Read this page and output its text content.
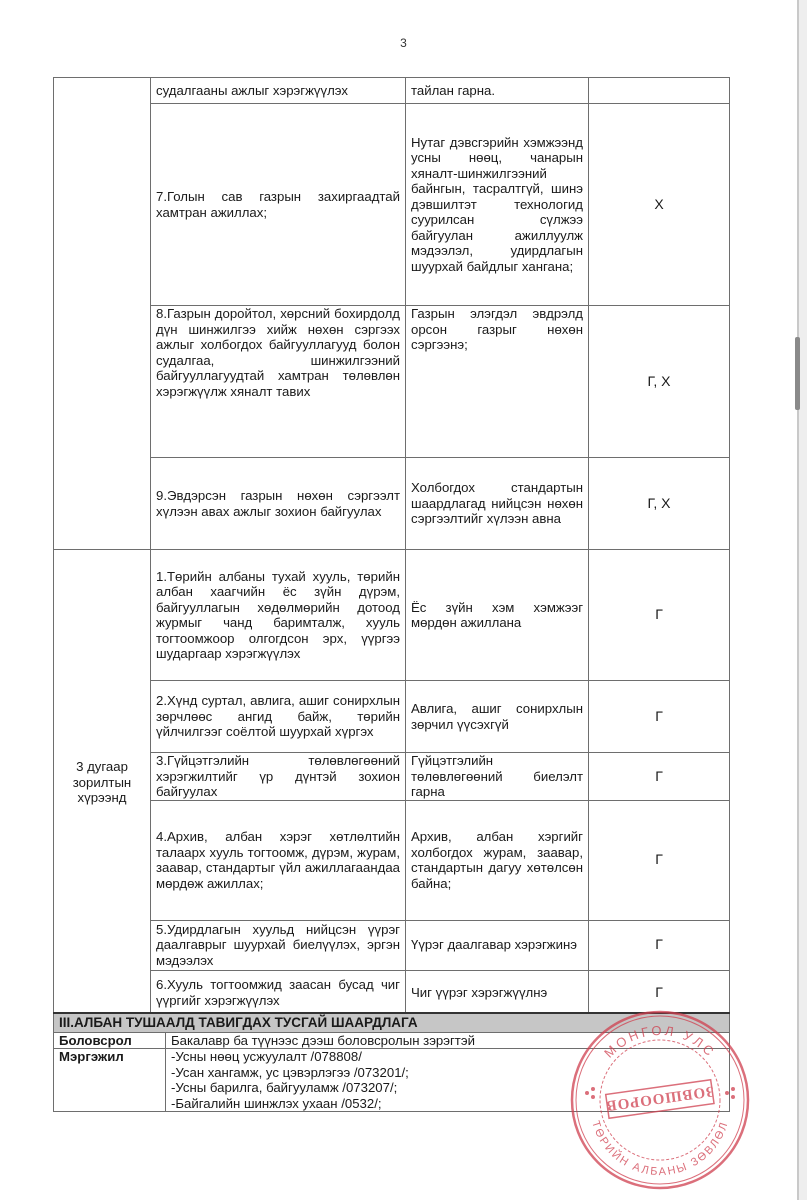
3
	судалгааны ажлыг хэрэгжүүлэх	тайлан гарна.	
	7.Голын сав газрын захиргаадтай хамтран ажиллах;	Нутаг дэвсгэрийн хэмжээнд усны нөөц, чанарын хяналт-шинжилгээний байнгын, тасралтгүй, шинэ дэвшилтэт технологид суурилсан сүлжээ байгуулан ажиллуулж мэдээлэл, удирдлагын шуурхай байдлыг хангана;	Х
	8.Газрын доройтол, хөрсний бохирдолд дүн шинжилгээ хийж нөхөн сэргээх ажлыг холбогдох байгууллагууд болон судалгаа, шинжилгээний байгууллагуудтай хамтран төлөвлөн хэрэгжүүлж хяналт тавих	Газрын элэгдэл эвдрэлд орсон газрыг нөхөн сэргээнэ;	Г, Х
	9.Эвдэрсэн газрын нөхөн сэргээлт хүлээн авах ажлыг зохион байгуулах	Холбогдох стандартын шаардлагад нийцсэн нөхөн сэргээлтийг хүлээн авна	Г, Х
3 дугаар зорилтын хүрээнд	1.Төрийн албаны тухай хууль, төрийн албан хаагчийн ёс зүйн дүрэм, байгууллагын хөдөлмөрийн дотоод журмыг чанд баримталж, хууль тогтоомжоор олгогдсон эрх, үүргээ шударгаар хэрэгжүүлэх	Ёс зүйн хэм хэмжээг мөрдөн ажиллана	Г
	2.Хүнд суртал, авлига, ашиг сонирхлын зөрчлөөс ангид байж, төрийн үйлчилгээг соёлтой шуурхай хүргэх	Авлига, ашиг сонирхлын зөрчил үүсэхгүй	Г
	3.Гүйцэтгэлийн төлөвлөгөөний хэрэгжилтийг үр дүнтэй зохион байгуулах	Гүйцэтгэлийн төлөвлөгөөний биелэлт гарна	Г
	4.Архив, албан хэрэг хөтлөлтийн талаарх хууль тогтоомж, дүрэм, журам, заавар, стандартыг үйл ажиллагаандаа мөрдөж ажиллах;	Архив, албан хэргийг холбогдох журам, заавар, стандартын дагуу хөтөлсөн байна;	Г
	5.Удирдлагын хуульд нийцсэн үүрэг даалгаврыг шуурхай биелүүлэх, эргэн мэдээлэх	Үүрэг даалгавар хэрэгжинэ	Г
	6.Хууль тогтоомжид заасан бусад чиг үүргийг хэрэгжүүлэх	Чиг үүрэг хэрэгжүүлнэ	Г
III.АЛБАН ТУШААЛД ТАВИГДАХ ТУСГАЙ ШААРДЛАГА	
Боловсрол	Бакалавр ба түүнээс дээш боловсролын зэрэгтэй
Мэргэжил	-Усны нөөц усжуулалт /078808/
-Усан хангамж, ус цэвэрлэгээ /073201/;
-Усны барилга, байгууламж /073207/;
-Байгалийн шинжлэх ухаан /0532/;
МОНГОЛ УЛС
ТӨРИЙН АЛБАНЫ ЗӨВЛӨЛ
ЗОВШООРОВ
